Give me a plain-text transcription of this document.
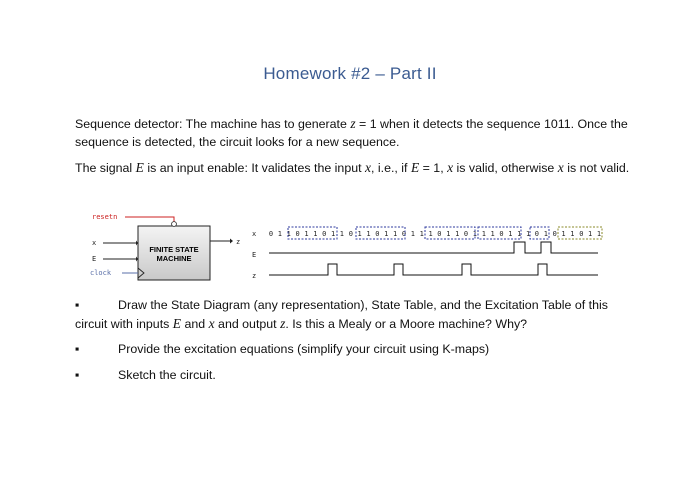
Homework #2 – Part II
Sequence detector: The machine has to generate z = 1 when it detects the sequence 1011. Once the sequence is detected, the circuit looks for a new sequence.
The signal E is an input enable: It validates the input x, i.e., if E = 1, x is valid, otherwise x is not valid.
FINITE STATE
MACHINE
resetn
x
E
clock
z
x
E
z
0 1 1 0 1 1 0 1 1 0 1 1 0 1 1 0 1 1 1 0 1 1 0 1 1 1 0 1 1 1 0 1 0 1 1 0 1 1
▪	Draw the State Diagram (any representation), State Table, and the Excitation Table of this circuit with inputs E and x and output z. Is this a Mealy or a Moore machine? Why?
▪	Provide the excitation equations (simplify your circuit using K-maps)
▪	Sketch the circuit.
